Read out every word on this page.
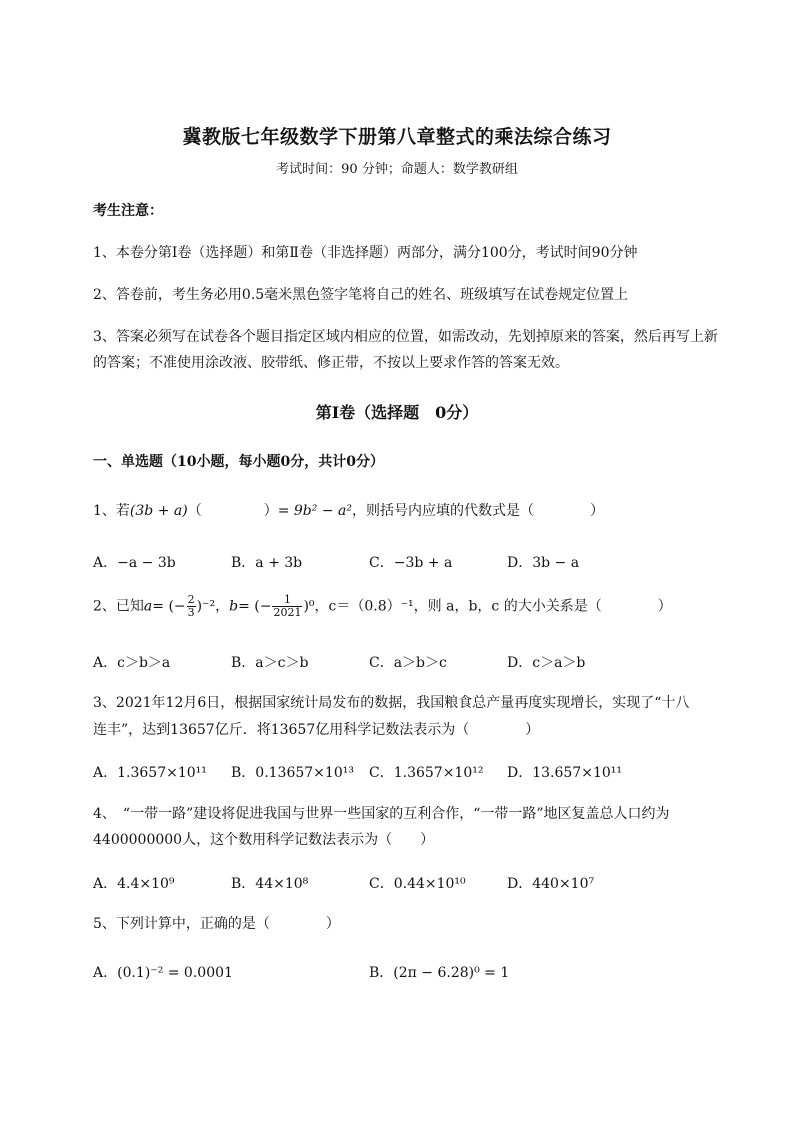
冀教版七年级数学下册第八章整式的乘法综合练习
考试时间：90 分钟；命题人：数学教研组
考生注意：
1、本卷分第Ⅰ卷（选择题）和第Ⅱ卷（非选择题）两部分，满分100分，考试时间90分钟
2、答卷前，考生务必用0.5毫米黑色签字笔将自己的姓名、班级填写在试卷规定位置上
3、答案必须写在试卷各个题目指定区域内相应的位置，如需改动，先划掉原来的答案，然后再写上新
的答案；不准使用涂改液、胶带纸、修正带，不按以上要求作答的答案无效。
第Ⅰ卷（选择题　0分）
一、单选题（10小题，每小题0分，共计0分）
1、若(3b + a)（	）= 9b² − a²，则括号内应填的代数式是（　　　　）
A．−a − 3b	B．a + 3b	C．−3b + a	D．3b − a
2、已知a= (− $\frac{2}{3} )^{-2}$，b= (− $\frac{1}{2021} )^0$，c＝（0.8）⁻¹，则 a，b，c 的大小关系是（　　　　）
A．c＞b＞a	B．a＞c＞b	C．a＞b＞c	D．c＞a＞b
3、2021年12月6日，根据国家统计局发布的数据，我国粮食总产量再度实现增长，实现了“十八
连丰”，达到13657亿斤．将13657亿用科学记数法表示为（　　　　）
A．1.3657×10¹¹ B．0.13657×10¹³ C．1.3657×10¹² D．13.657×10¹¹
4、　“一带一路”建设将促进我国与世界一些国家的互利合作，“一带一路”地区复盖总人口约为
4400000000人，这个数用科学记数法表示为（　　）
A．4.4×10⁹	B．44×10⁸	C．0.44×10¹⁰	D．440×10⁷
5、下列计算中，正确的是（　　　　）
A．(0.1)⁻² = 0.0001	B．(2π − 6.28)⁰ = 1
